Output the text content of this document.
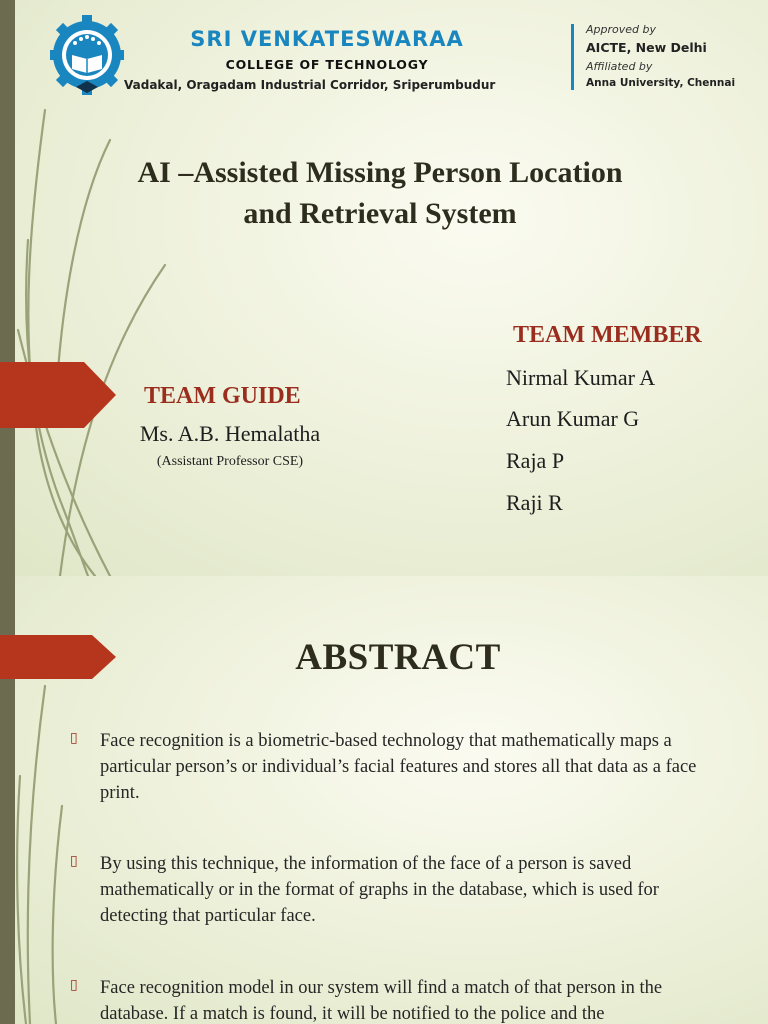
SRI VENKATESWARAA
COLLEGE OF TECHNOLOGY
Vadakal, Oragadam Industrial Corridor, Sriperumbudur
Approved by
AICTE, New Delhi
Affiliated by
Anna University, Chennai
AI –Assisted Missing Person Location
and Retrieval System
TEAM GUIDE
Ms. A.B. Hemalatha
(Assistant Professor CSE)
TEAM MEMBER
Nirmal Kumar A
Arun Kumar G
Raja P
Raji R
ABSTRACT
▯ Face recognition is a biometric-based technology that mathematically maps a particular person’s or individual’s facial features and stores all that data as a face print.
▯ By using this technique, the information of the face of a person is saved mathematically or in the format of graphs in the database, which is used for detecting that particular face.
▯ Face recognition model in our system will find a match of that person in the database. If a match is found, it will be notified to the police and the
